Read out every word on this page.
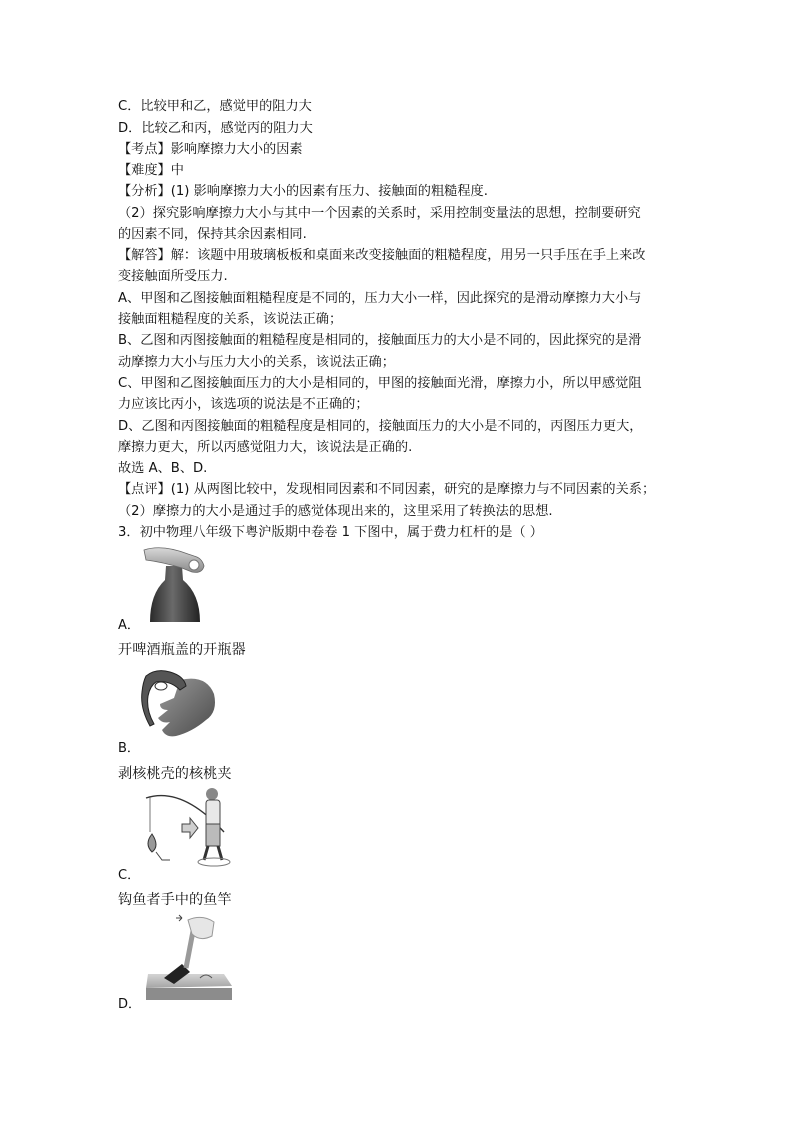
C．比较甲和乙，感觉甲的阻力大
D．比较乙和丙，感觉丙的阻力大
【考点】影响摩擦力大小的因素
【难度】中
【分析】(1) 影响摩擦力大小的因素有压力、接触面的粗糙程度.
（2）探究影响摩擦力大小与其中一个因素的关系时，采用控制变量法的思想，控制要研究
的因素不同，保持其余因素相同.
【解答】解：该题中用玻璃板板和桌面来改变接触面的粗糙程度，用另一只手压在手上来改
变接触面所受压力.
A、甲图和乙图接触面粗糙程度是不同的，压力大小一样，因此探究的是滑动摩擦力大小与
接触面粗糙程度的关系，该说法正确；
B、乙图和丙图接触面的粗糙程度是相同的，接触面压力的大小是不同的，因此探究的是滑
动摩擦力大小与压力大小的关系，该说法正确；
C、甲图和乙图接触面压力的大小是相同的，甲图的接触面光滑，摩擦力小，所以甲感觉阻
力应该比丙小，该选项的说法是不正确的；
D、乙图和丙图接触面的粗糙程度是相同的，接触面压力的大小是不同的，丙图压力更大，
摩擦力更大，所以丙感觉阻力大，该说法是正确的.
故选 A、B、D.
【点评】(1) 从两图比较中，发现相同因素和不同因素，研究的是摩擦力与不同因素的关系；
（2）摩擦力的大小是通过手的感觉体现出来的，这里采用了转换法的思想.
3．初中物理八年级下粤沪版期中卷卷 1 下图中，属于费力杠杆的是（ ）
A．
开啤酒瓶盖的开瓶器
B．
剥核桃壳的核桃夹
C．
钩鱼者手中的鱼竿
D．
